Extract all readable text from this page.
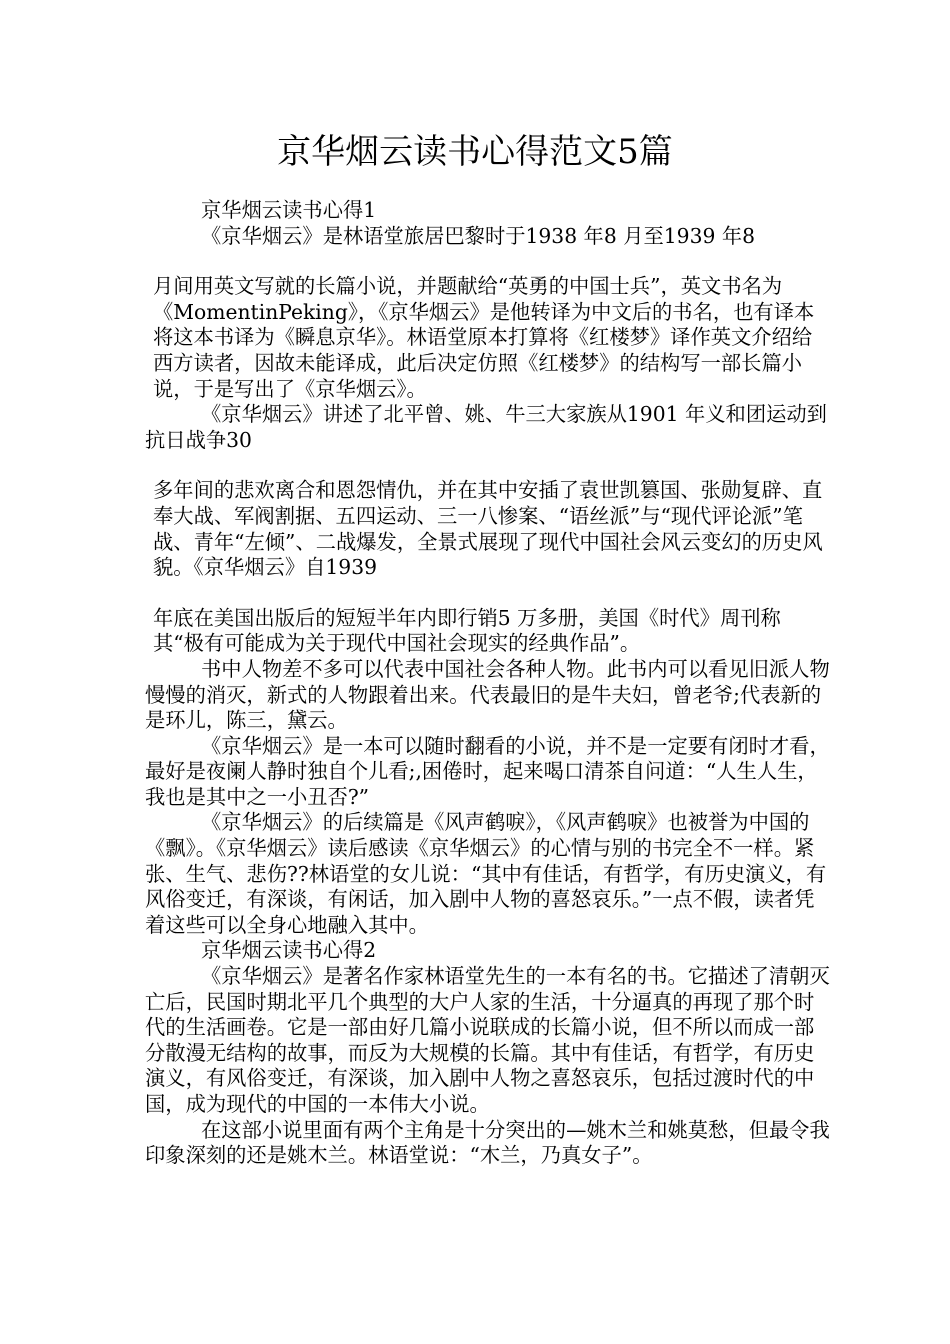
京华烟云读书心得范文5篇

京华烟云读书心得1

《京华烟云》是林语堂旅居巴黎时于1938 年8 月至1939 年8

月间用英文写就的长篇小说，并题献给“英勇的中国士兵”，英文书名为《MomentinPeking》，《京华烟云》是他转译为中文后的书名，也有译本将这本书译为《瞬息京华》。林语堂原本打算将《红楼梦》译作英文介绍给西方读者，因故未能译成，此后决定仿照《红楼梦》的结构写一部长篇小说，于是写出了《京华烟云》。

《京华烟云》讲述了北平曾、姚、牛三大家族从1901 年义和团运动到抗日战争30

多年间的悲欢离合和恩怨情仇，并在其中安插了袁世凯篡国、张勋复辟、直奉大战、军阀割据、五四运动、三一八惨案、“语丝派”与“现代评论派”笔战、青年“左倾”、二战爆发，全景式展现了现代中国社会风云变幻的历史风貌。《京华烟云》自1939

年底在美国出版后的短短半年内即行销5 万多册，美国《时代》周刊称其“极有可能成为关于现代中国社会现实的经典作品”。

书中人物差不多可以代表中国社会各种人物。此书内可以看见旧派人物慢慢的消灭，新式的人物跟着出来。代表最旧的是牛夫妇，曾老爷;代表新的是环儿，陈三，黛云。

《京华烟云》是一本可以随时翻看的小说，并不是一定要有闭时才看，最好是夜阑人静时独自个儿看;,困倦时，起来喝口清茶自问道：“人生人生，我也是其中之一小丑否?”

《京华烟云》的后续篇是《风声鹤唳》，《风声鹤唳》也被誉为中国的《飘》。《京华烟云》读后感读《京华烟云》的心情与别的书完全不一样。紧张、生气、悲伤??林语堂的女儿说：“其中有佳话，有哲学，有历史演义，有风俗变迁，有深谈，有闲话，加入剧中人物的喜怒哀乐。”一点不假，读者凭着这些可以全身心地融入其中。

京华烟云读书心得2

《京华烟云》是著名作家林语堂先生的一本有名的书。它描述了清朝灭亡后，民国时期北平几个典型的大户人家的生活，十分逼真的再现了那个时代的生活画卷。它是一部由好几篇小说联成的长篇小说，但不所以而成一部分散漫无结构的故事，而反为大规模的长篇。其中有佳话，有哲学，有历史演义，有风俗变迁，有深谈，加入剧中人物之喜怒哀乐，包括过渡时代的中国，成为现代的中国的一本伟大小说。

在这部小说里面有两个主角是十分突出的—姚木兰和姚莫愁，但最令我印象深刻的还是姚木兰。林语堂说：“木兰，乃真女子”。
